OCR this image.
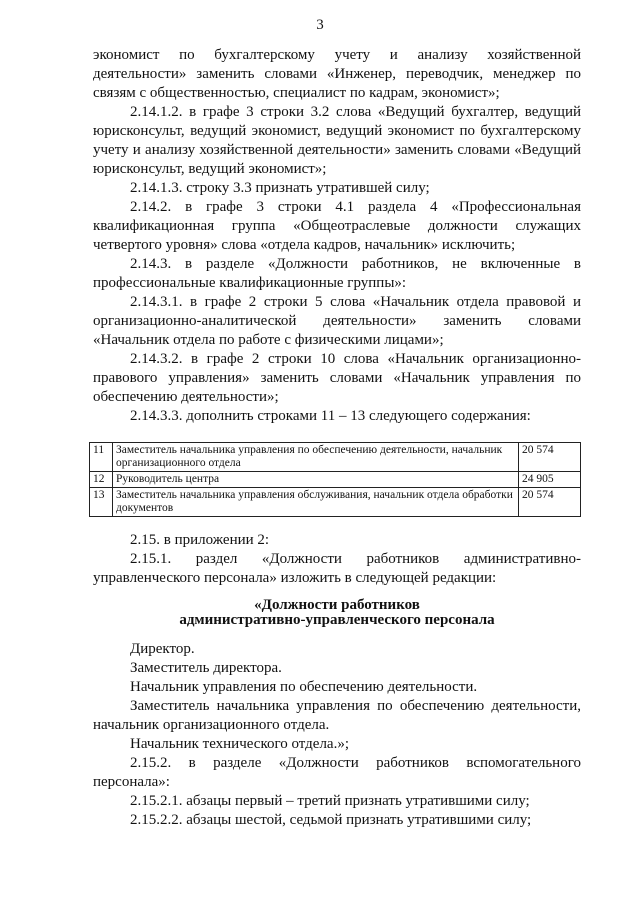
3

экономист по бухгалтерскому учету и анализу хозяйственной деятельности» заменить словами «Инженер, переводчик, менеджер по связям с общественностью, специалист по кадрам, экономист»;

2.14.1.2. в графе 3 строки 3.2 слова «Ведущий бухгалтер, ведущий юрисконсульт, ведущий экономист, ведущий экономист по бухгалтерскому учету и анализу хозяйственной деятельности» заменить словами «Ведущий юрисконсульт, ведущий экономист»;

2.14.1.3. строку 3.3 признать утратившей силу;

2.14.2. в графе 3 строки 4.1 раздела 4 «Профессиональная квалификационная группа «Общеотраслевые должности служащих четвертого уровня» слова «отдела кадров, начальник» исключить;

2.14.3. в разделе «Должности работников, не включенные в профессиональные квалификационные группы»:

2.14.3.1. в графе 2 строки 5 слова «Начальник отдела правовой и организационно-аналитической деятельности» заменить словами «Начальник отдела по работе с физическими лицами»;

2.14.3.2. в графе 2 строки 10 слова «Начальник организационно-правового управления» заменить словами «Начальник управления по обеспечению деятельности»;

2.14.3.3. дополнить строками 11 – 13 следующего содержания:

11	Заместитель начальника управления по обеспечению деятельности, начальник организационного отдела	20 574
12	Руководитель центра	24 905
13	Заместитель начальника управления обслуживания, начальник отдела обработки документов	20 574

2.15. в приложении 2:

2.15.1. раздел «Должности работников административно-управленческого персонала» изложить в следующей редакции:

«Должности работников
административно-управленческого персонала

Директор.

Заместитель директора.

Начальник управления по обеспечению деятельности.

Заместитель начальника управления по обеспечению деятельности, начальник организационного отдела.

Начальник технического отдела.»;

2.15.2. в разделе «Должности работников вспомогательного персонала»:

2.15.2.1. абзацы первый – третий признать утратившими силу;

2.15.2.2. абзацы шестой, седьмой признать утратившими силу;
